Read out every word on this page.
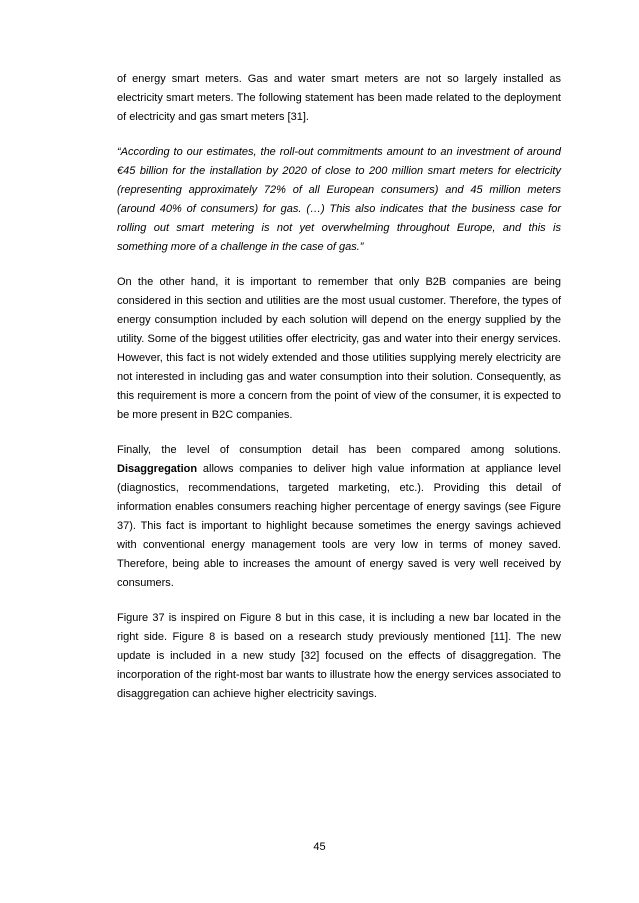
of energy smart meters. Gas and water smart meters are not so largely installed as electricity smart meters. The following statement has been made related to the deployment of electricity and gas smart meters [31].

“According to our estimates, the roll-out commitments amount to an investment of around €45 billion for the installation by 2020 of close to 200 million smart meters for electricity (representing approximately 72% of all European consumers) and 45 million meters (around 40% of consumers) for gas. (…) This also indicates that the business case for rolling out smart metering is not yet overwhelming throughout Europe, and this is something more of a challenge in the case of gas.”

On the other hand, it is important to remember that only B2B companies are being considered in this section and utilities are the most usual customer. Therefore, the types of energy consumption included by each solution will depend on the energy supplied by the utility. Some of the biggest utilities offer electricity, gas and water into their energy services. However, this fact is not widely extended and those utilities supplying merely electricity are not interested in including gas and water consumption into their solution. Consequently, as this requirement is more a concern from the point of view of the consumer, it is expected to be more present in B2C companies.

Finally, the level of consumption detail has been compared among solutions. Disaggregation allows companies to deliver high value information at appliance level (diagnostics, recommendations, targeted marketing, etc.). Providing this detail of information enables consumers reaching higher percentage of energy savings (see Figure 37). This fact is important to highlight because sometimes the energy savings achieved with conventional energy management tools are very low in terms of money saved. Therefore, being able to increases the amount of energy saved is very well received by consumers.

Figure 37 is inspired on Figure 8 but in this case, it is including a new bar located in the right side. Figure 8 is based on a research study previously mentioned [11]. The new update is included in a new study [32] focused on the effects of disaggregation. The incorporation of the right-most bar wants to illustrate how the energy services associated to disaggregation can achieve higher electricity savings.

45
